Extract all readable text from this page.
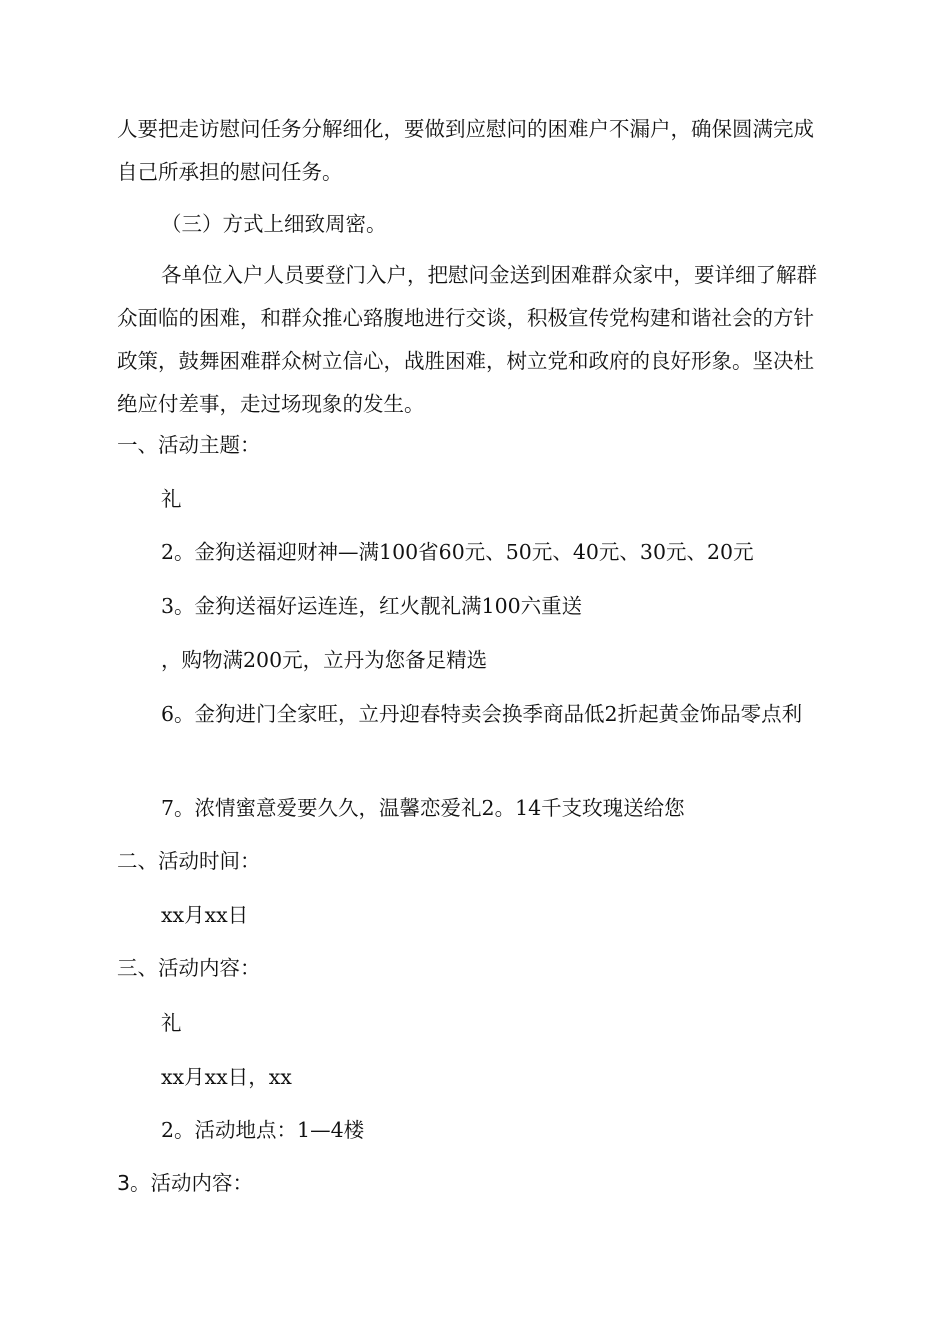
人要把走访慰问任务分解细化，要做到应慰问的困难户不漏户，确保圆满完成自己所承担的慰问任务。

（三）方式上细致周密。

各单位入户人员要登门入户，把慰问金送到困难群众家中，要详细了解群众面临的困难，和群众推心臵腹地进行交谈，积极宣传党构建和谐社会的方针政策，鼓舞困难群众树立信心，战胜困难，树立党和政府的良好形象。坚决杜绝应付差事，走过场现象的发生。

一、活动主题：

礼

2。金狗送福迎财神—满100省60元、50元、40元、30元、20元

3。金狗送福好运连连，红火靓礼满100六重送

，购物满200元，立丹为您备足精选

6。金狗进门全家旺，立丹迎春特卖会换季商品低2折起黄金饰品零点利

7。浓情蜜意爱要久久，温馨恋爱礼2。14千支玫瑰送给您

二、活动时间：

xx月xx日

三、活动内容：

礼

xx月xx日，xx

2。活动地点：1—4楼

3。活动内容：
